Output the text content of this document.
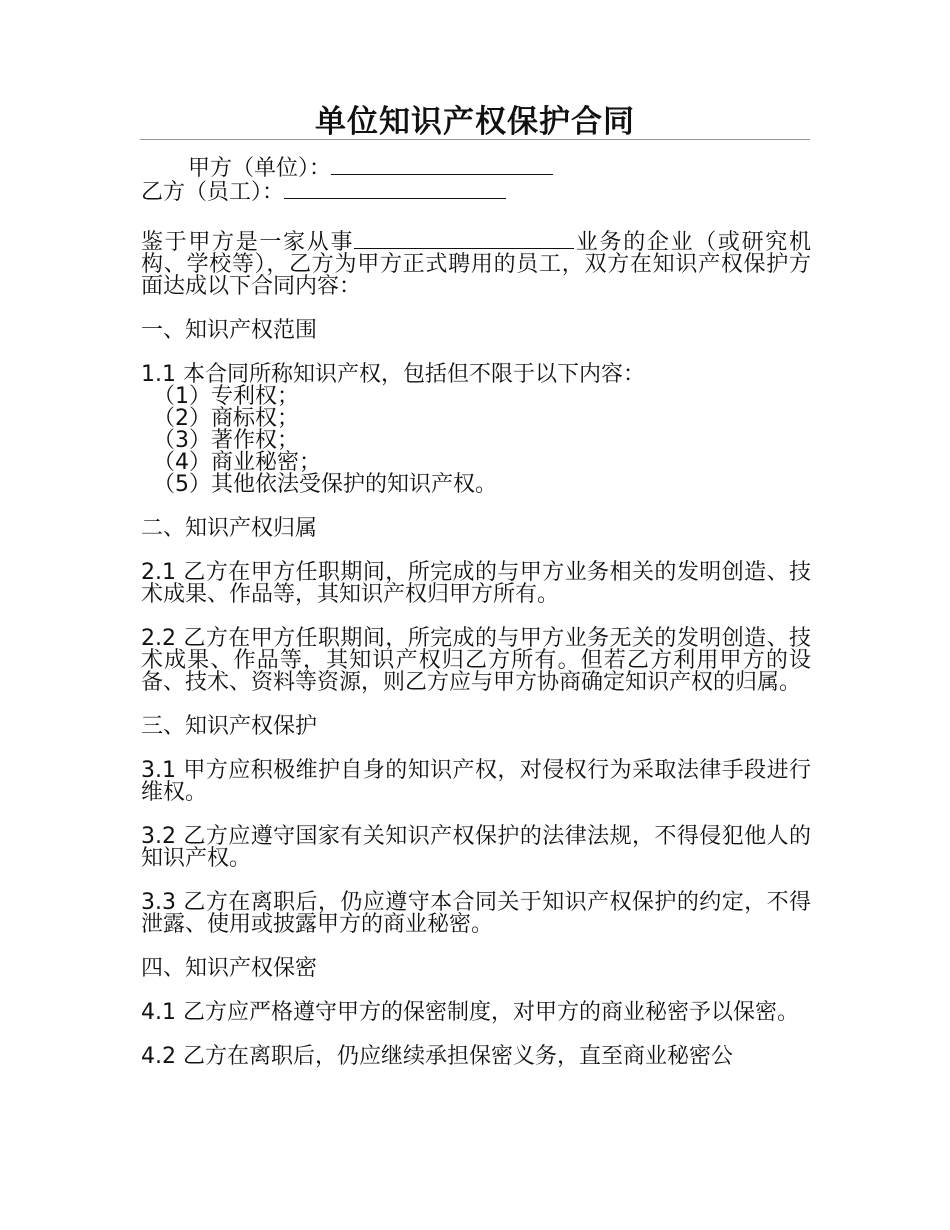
单位知识产权保护合同
甲方（单位）：
乙方（员工）：
鉴于甲方是一家从事	业务的企业（或研究机构、学校等），乙方为甲方正式聘用的员工，双方在知识产权保护方面达成以下合同内容：
一、知识产权范围
1.1 本合同所称知识产权，包括但不限于以下内容：
（1）专利权；
（2）商标权；
（3）著作权；
（4）商业秘密；
（5）其他依法受保护的知识产权。
二、知识产权归属
2.1 乙方在甲方任职期间，所完成的与甲方业务相关的发明创造、技术成果、作品等，其知识产权归甲方所有。
2.2 乙方在甲方任职期间，所完成的与甲方业务无关的发明创造、技术成果、作品等，其知识产权归乙方所有。但若乙方利用甲方的设备、技术、资料等资源，则乙方应与甲方协商确定知识产权的归属。
三、知识产权保护
3.1 甲方应积极维护自身的知识产权，对侵权行为采取法律手段进行维权。
3.2 乙方应遵守国家有关知识产权保护的法律法规，不得侵犯他人的知识产权。
3.3 乙方在离职后，仍应遵守本合同关于知识产权保护的约定，不得泄露、使用或披露甲方的商业秘密。
四、知识产权保密
4.1 乙方应严格遵守甲方的保密制度，对甲方的商业秘密予以保密。
4.2 乙方在离职后，仍应继续承担保密义务，直至商业秘密公
